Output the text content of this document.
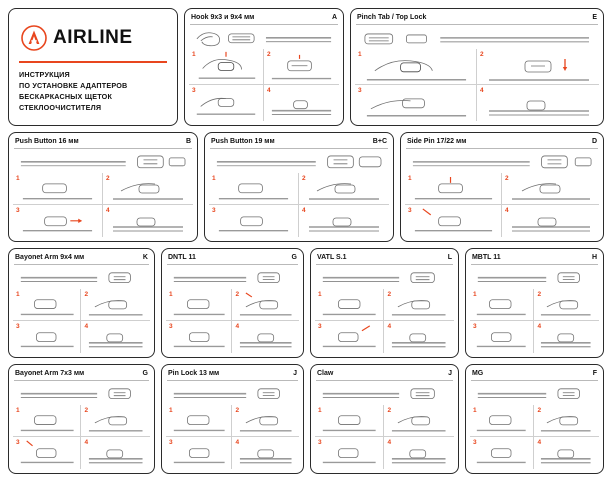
AIRLINE
ИНСТРУКЦИЯ
ПО УСТАНОВКЕ АДАПТЕРОВ
БЕСКАРКАСНЫХ ЩЕТОК
СТЕКЛООЧИСТИТЕЛЯ
Hook 9х3 и 9х4 мм	A
1	2
3	4
Pinch Tab / Top Lock	E
1	2
3	4
Push Button 16 мм	B
1	2
3	4
Push Button 19 мм	B+C
1	2
3	4
Side Pin 17/22 мм	D
1	2
3	4
Bayonet Arm 9х4 мм	K
1	2
3	4
DNTL 11	G
1	2
3	4
VATL S.1	L
1	2
3	4
MBTL 11	H
1	2
3	4
Bayonet Arm 7х3 мм	G
1	2
3	4
Pin Lock 13 мм	J
1	2
3	4
Claw	J
1	2
3	4
MG	F
1	2
3	4
